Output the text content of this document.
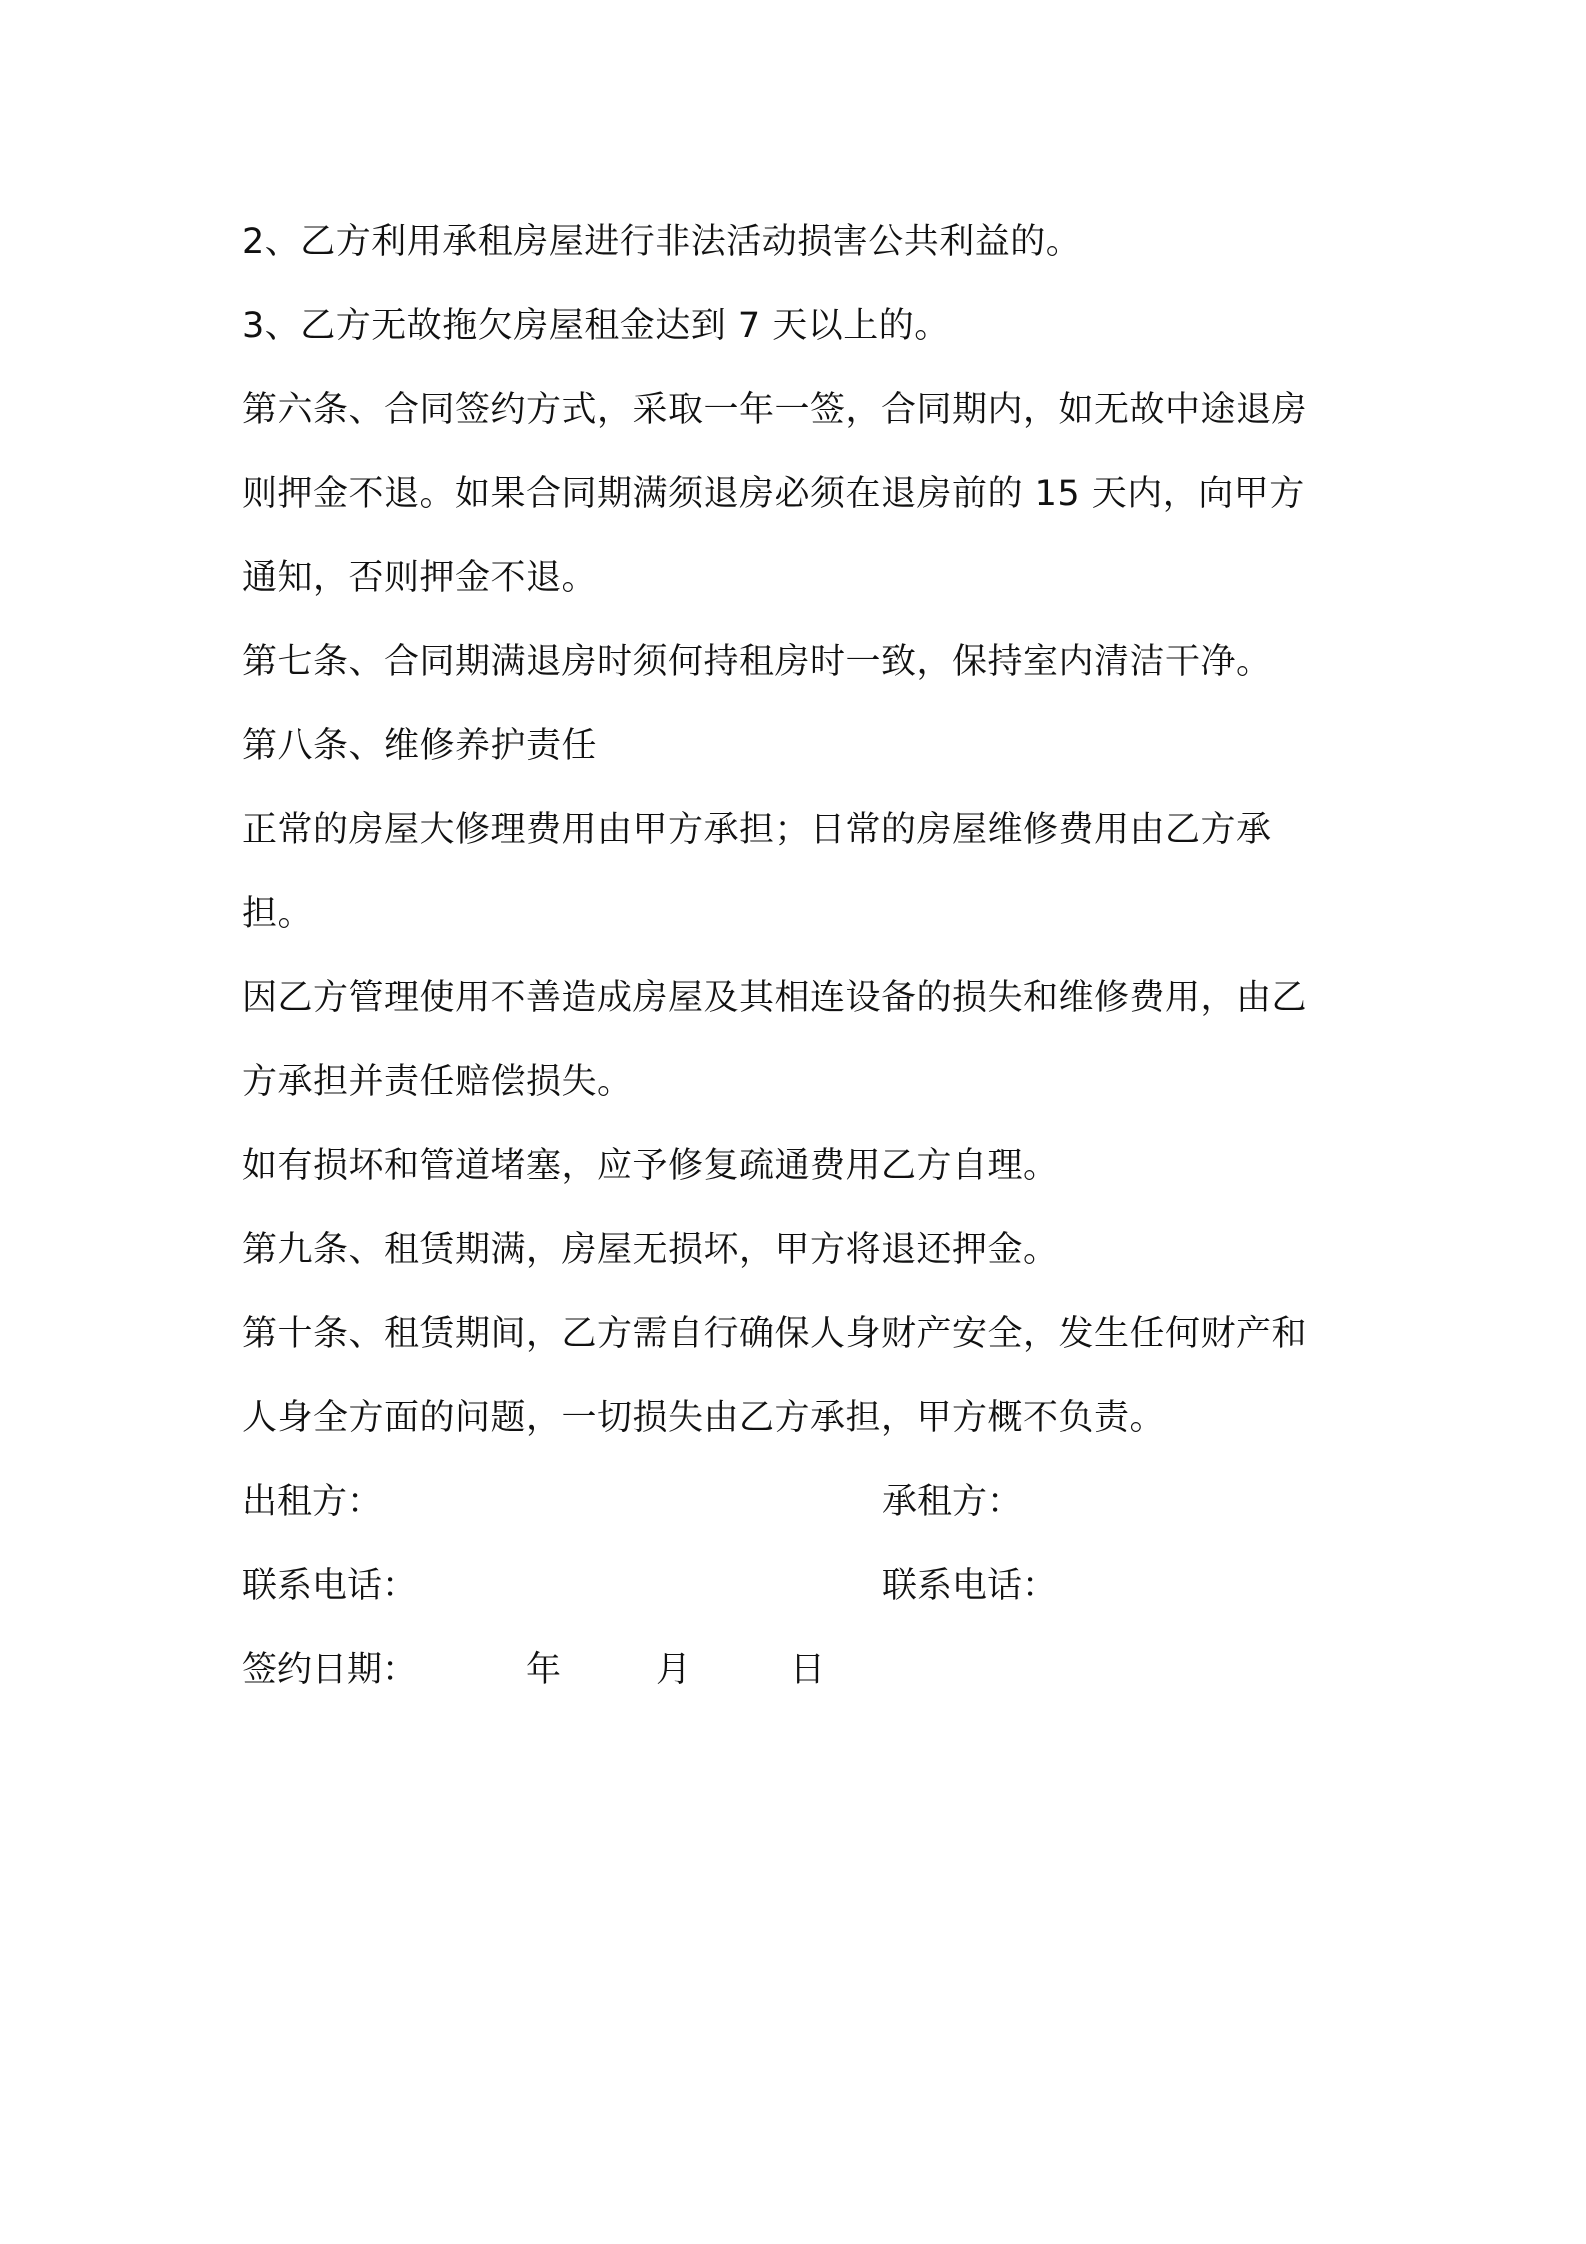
2、乙方利用承租房屋进行非法活动损害公共利益的。
3、乙方无故拖欠房屋租金达到 7 天以上的。
第六条、合同签约方式，采取一年一签，合同期内，如无故中途退房
则押金不退。如果合同期满须退房必须在退房前的 15 天内，向甲方
通知，否则押金不退。
第七条、合同期满退房时须何持租房时一致，保持室内清洁干净。
第八条、维修养护责任
正常的房屋大修理费用由甲方承担；日常的房屋维修费用由乙方承
担。
因乙方管理使用不善造成房屋及其相连设备的损失和维修费用，由乙
方承担并责任赔偿损失。
如有损坏和管道堵塞，应予修复疏通费用乙方自理。
第九条、租赁期满，房屋无损坏，甲方将退还押金。
第十条、租赁期间，乙方需自行确保人身财产安全，发生任何财产和
人身全方面的问题，一切损失由乙方承担，甲方概不负责。
出租方：	承租方：
联系电话：	联系电话：
签约日期：	年	月	日
